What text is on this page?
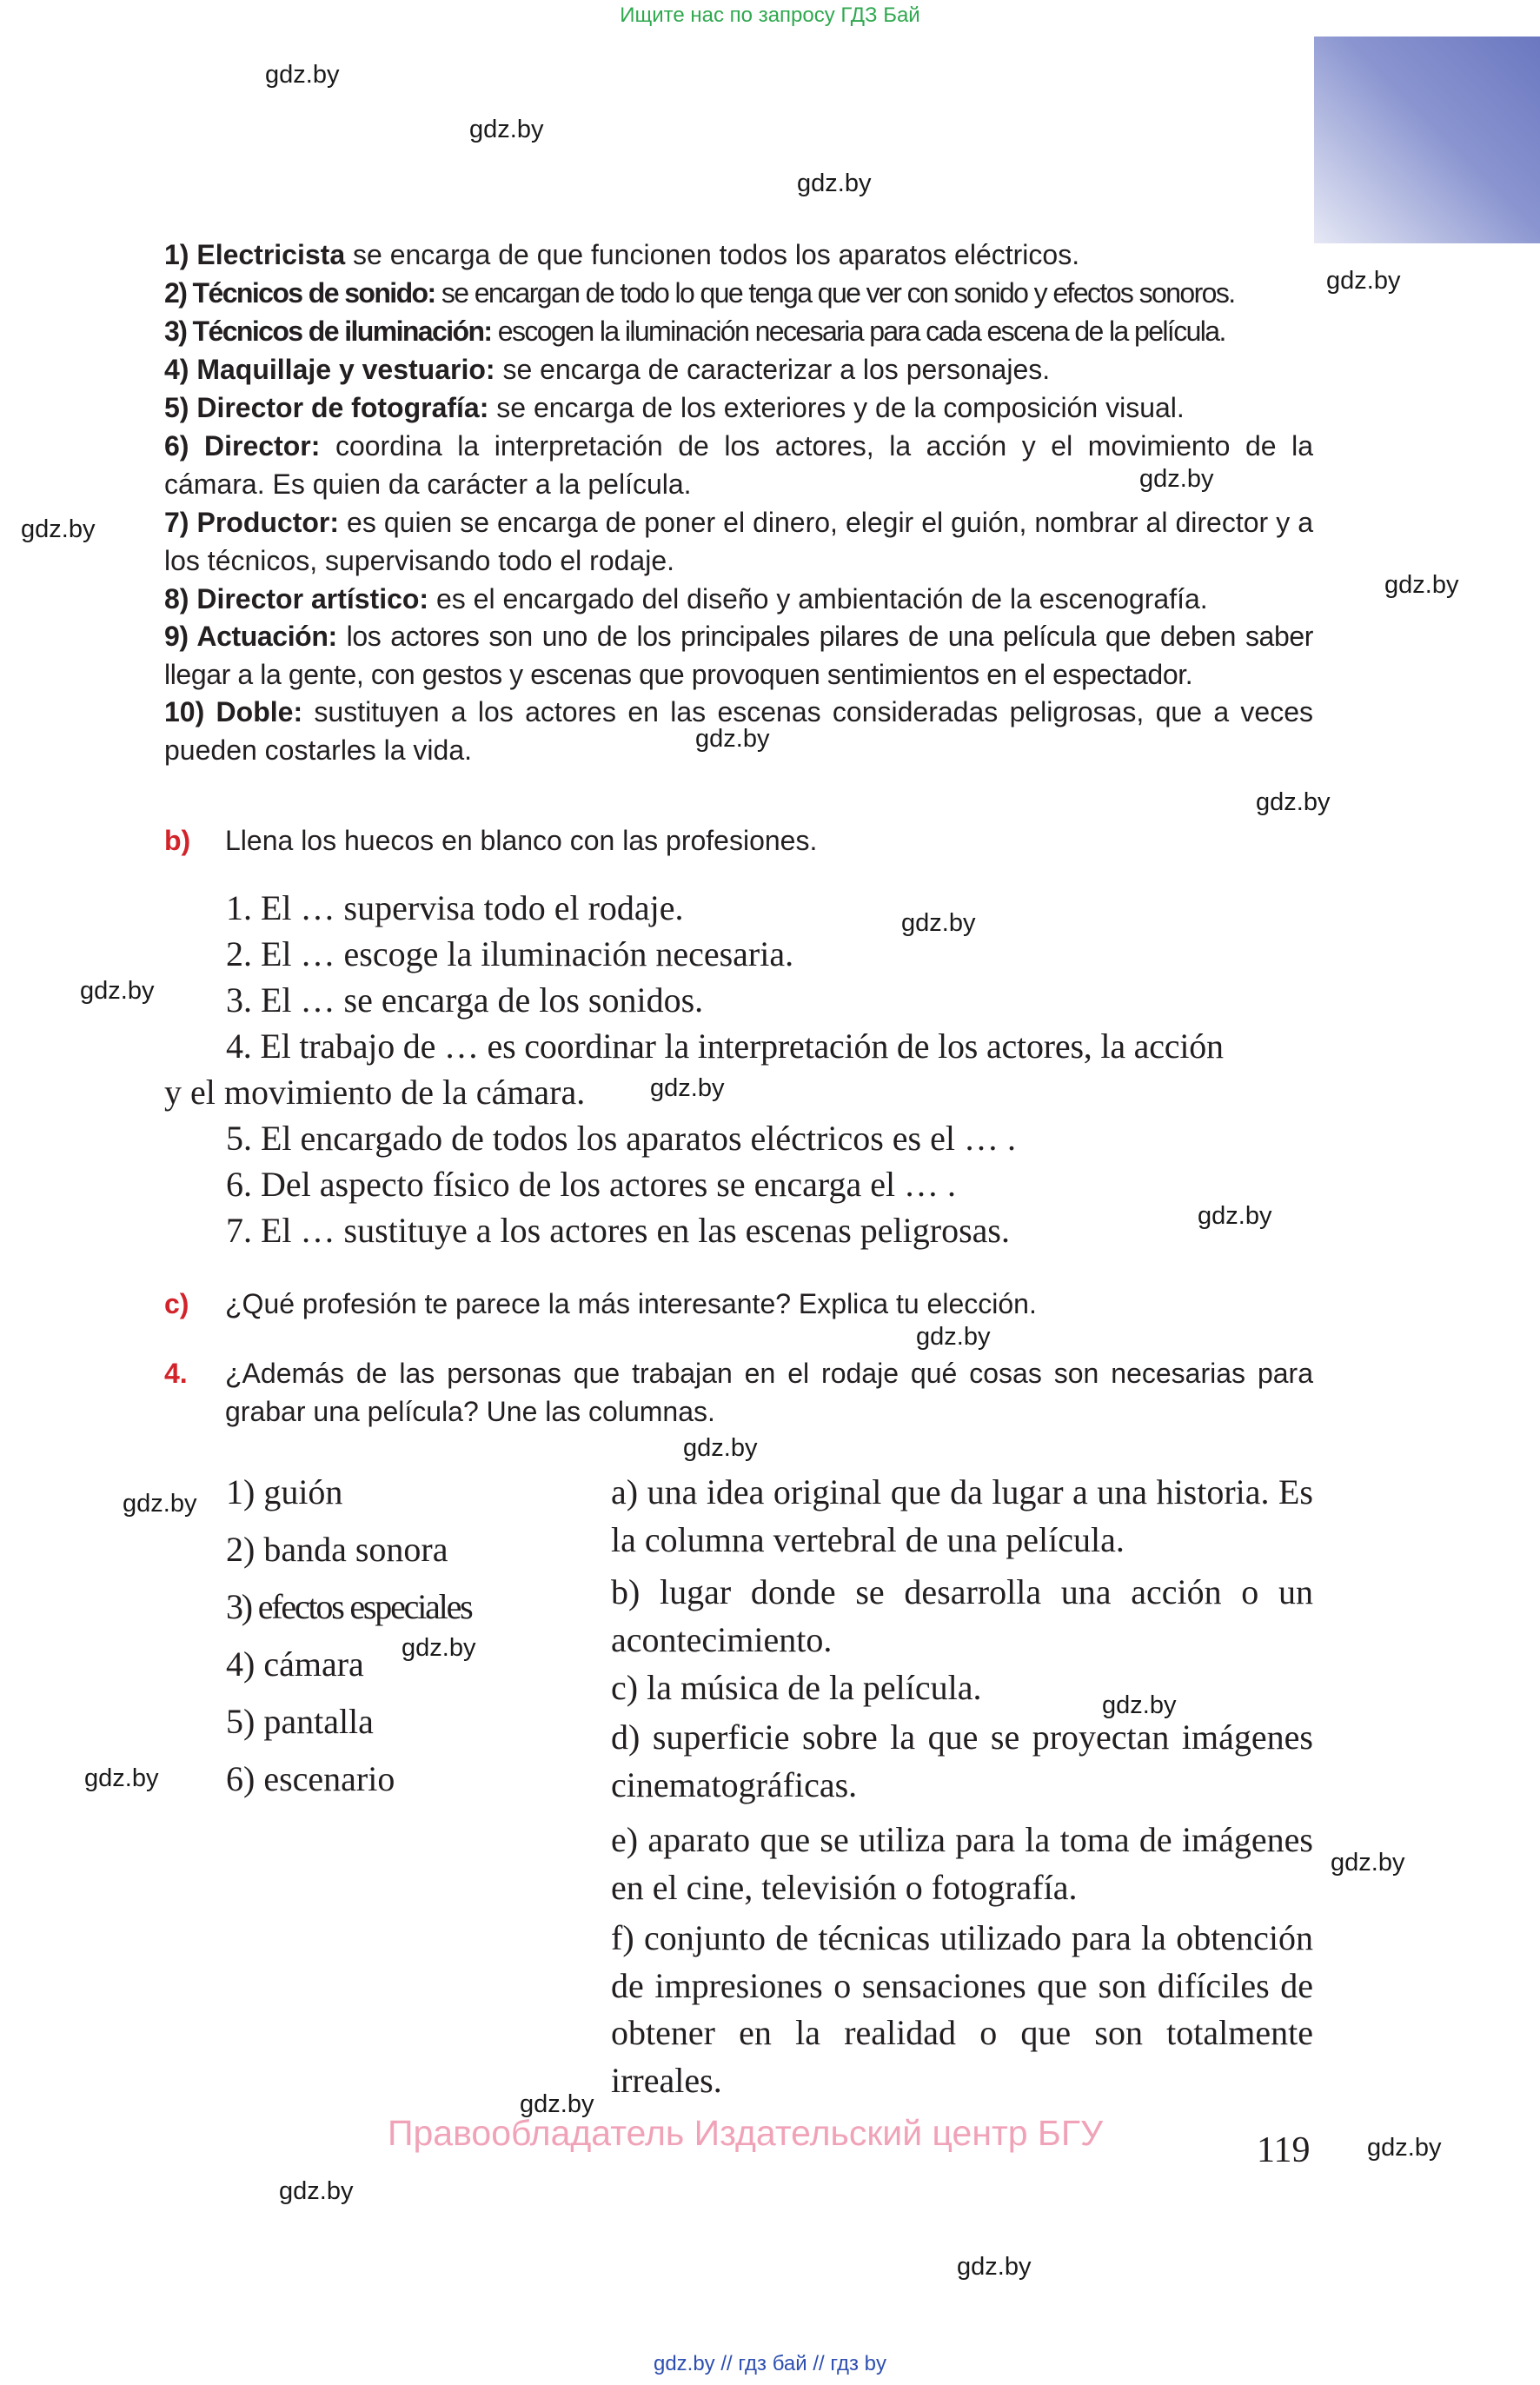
Ищите нас по запросу ГДЗ Бай
gdz.by
gdz.by
gdz.by
gdz.by
gdz.by
gdz.by
gdz.by
gdz.by
gdz.by
gdz.by
gdz.by
gdz.by
gdz.by
gdz.by
gdz.by
gdz.by
gdz.by
gdz.by
gdz.by
gdz.by
gdz.by
gdz.by
gdz.by
gdz.by
1) Electricista se encarga de que funcionen todos los aparatos eléctricos.
2) Técnicos de sonido: se encargan de todo lo que tenga que ver con sonido y efectos sonoros.
3) Técnicos de iluminación: escogen la iluminación necesaria para cada escena de la película.
4) Maquillaje y vestuario: se encarga de caracterizar a los personajes.
5) Director de fotografía: se encarga de los exteriores y de la composición visual.
6) Director: coordina la interpretación de los actores, la acción y el movimiento de la cámara. Es quien da carácter a la película.
7) Productor: es quien se encarga de poner el dinero, elegir el guión, nombrar al director y a los técnicos, supervisando todo el rodaje.
8) Director artístico: es el encargado del diseño y ambientación de la escenografía.
9) Actuación: los actores son uno de los principales pilares de una película que deben saber llegar a la gente, con gestos y escenas que provoquen sentimientos en el espectador.
10) Doble: sustituyen a los actores en las escenas consideradas peligrosas, que a veces pueden costarles la vida.
b) Llena los huecos en blanco con las profesiones.
1. El … supervisa todo el rodaje.
2. El … escoge la iluminación necesaria.
3. El … se encarga de los sonidos.
4. El trabajo de … es coordinar la interpretación de los actores, la acción
y el movimiento de la cámara.
5. El encargado de todos los aparatos eléctricos es el … .
6. Del aspecto físico de los actores se encarga el … .
7. El … sustituye a los actores en las escenas peligrosas.
c) ¿Qué profesión te parece la más interesante? Explica tu elección.
4. ¿Además de las personas que trabajan en el rodaje qué cosas son necesarias para grabar una película? Une las columnas.
1) guión
2) banda sonora
3) efectos especiales
4) cámara
5) pantalla
6) escenario
a) una idea original que da lugar a una historia. Es la columna vertebral de una película.
b) lugar donde se desarrolla una acción o un acontecimiento.
c) la música de la película.
d) superficie sobre la que se proyectan imágenes cinematográficas.
e) aparato que se utiliza para la toma de imágenes en el cine, televisión o fotografía.
f) conjunto de técnicas utilizado para la obtención de impresiones o sensaciones que son difíciles de obtener en la realidad o que son totalmente irreales.
Правообладатель Издательский центр БГУ	119
gdz.by // гдз бай // гдз by
